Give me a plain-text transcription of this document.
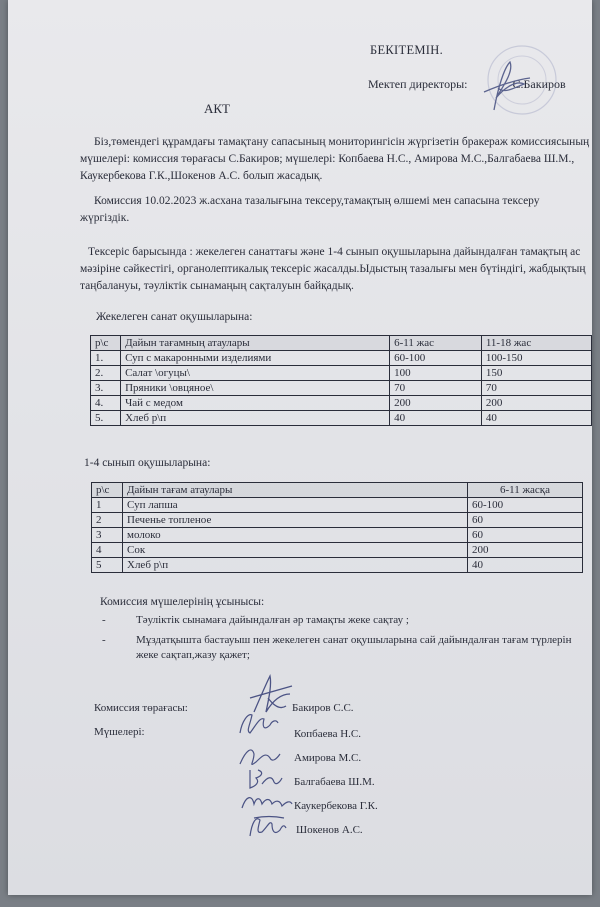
БЕКІТЕМІН.
Мектеп директоры:	С.Бакиров
АКТ
Біз,төмендегі құрамдағы тамақтану сапасының мониторингісін жүргізетін бракераж комиссиясының мүшелері: комиссия төрағасы С.Бакиров; мүшелері: Копбаева Н.С., Амирова М.С.,Балгабаева Ш.М., Каукербекова Г.К.,Шокенов А.С. болып жасадық.
Комиссия 10.02.2023 ж.асхана тазалығына тексеру,тамақтың өлшемі мен сапасына тексеру жүргіздік.
Тексеріс барысында : жекелеген санаттағы және 1-4 сынып оқушыларына дайындалған тамақтың ас мәзіріне сәйкестігі, органолептикалық тексеріс жасалды.Ыдыстың тазалығы мен бүтіндігі, жабдықтың таңбалануы, тәуліктік сынамаңың сақталуын байқадық.
Жекелеген санат оқушыларына:
р\с	Дайын тағамның атаулары	6-11 жас	11-18 жас
1.	Суп с макаронными изделиями	60-100	100-150
2.	Салат \огуцы\	100	150
3.	Пряники \овцяное\	70	70
4.	Чай с медом	200	200
5.	Хлеб р\п	40	40
1-4 сынып оқушыларына:
р\с	Дайын тағам атаулары	6-11 жасқа
1	Суп лапша	60-100
2	Печенье топленое	60
3	молоко	60
4	Сок	200
5	Хлеб р\п	40
Комиссия мүшелерінің ұсынысы:
-	Тәуліктік сынамаға дайындалған әр тамақты жеке сақтау ;
-	Мұздатқышта бастауыш пен жекелеген санат оқушыларына сай дайындалған тағам түрлерін жеке сақтап,жазу қажет;
Комиссия төрағасы:
Мүшелері:
Бакиров С.С.
Копбаева Н.С.
Амирова М.С.
Балгабаева Ш.М.
Каукербекова Г.К.
Шокенов А.С.
